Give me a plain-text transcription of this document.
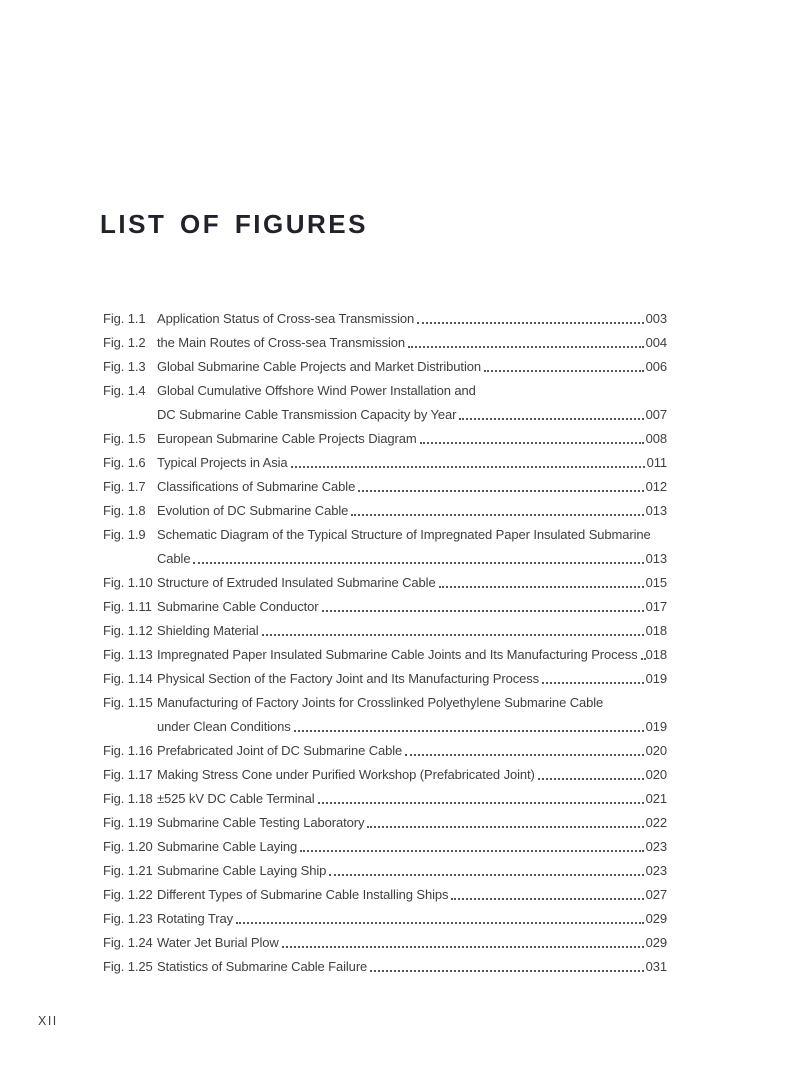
LIST OF FIGURES
Fig. 1.1 Application Status of Cross-sea Transmission	003
Fig. 1.2 the Main Routes of Cross-sea Transmission	004
Fig. 1.3 Global Submarine Cable Projects and Market Distribution	006
Fig. 1.4 Global Cumulative Offshore Wind Power Installation and
DC Submarine Cable Transmission Capacity by Year	007
Fig. 1.5 European Submarine Cable Projects Diagram	008
Fig. 1.6 Typical Projects in Asia	011
Fig. 1.7 Classifications of Submarine Cable	012
Fig. 1.8 Evolution of DC Submarine Cable	013
Fig. 1.9 Schematic Diagram of the Typical Structure of Impregnated Paper Insulated Submarine
Cable	013
Fig. 1.10 Structure of Extruded Insulated Submarine Cable	015
Fig. 1.11 Submarine Cable Conductor	017
Fig. 1.12 Shielding Material	018
Fig. 1.13 Impregnated Paper Insulated Submarine Cable Joints and Its Manufacturing Process 018
Fig. 1.14 Physical Section of the Factory Joint and Its Manufacturing Process	019
Fig. 1.15 Manufacturing of Factory Joints for Crosslinked Polyethylene Submarine Cable
under Clean Conditions	019
Fig. 1.16 Prefabricated Joint of DC Submarine Cable	020
Fig. 1.17 Making Stress Cone under Purified Workshop (Prefabricated Joint)	020
Fig. 1.18 ±525 kV DC Cable Terminal	021
Fig. 1.19 Submarine Cable Testing Laboratory	022
Fig. 1.20 Submarine Cable Laying	023
Fig. 1.21 Submarine Cable Laying Ship	023
Fig. 1.22 Different Types of Submarine Cable Installing Ships	027
Fig. 1.23 Rotating Tray	029
Fig. 1.24 Water Jet Burial Plow	029
Fig. 1.25 Statistics of Submarine Cable Failure	031
XII
